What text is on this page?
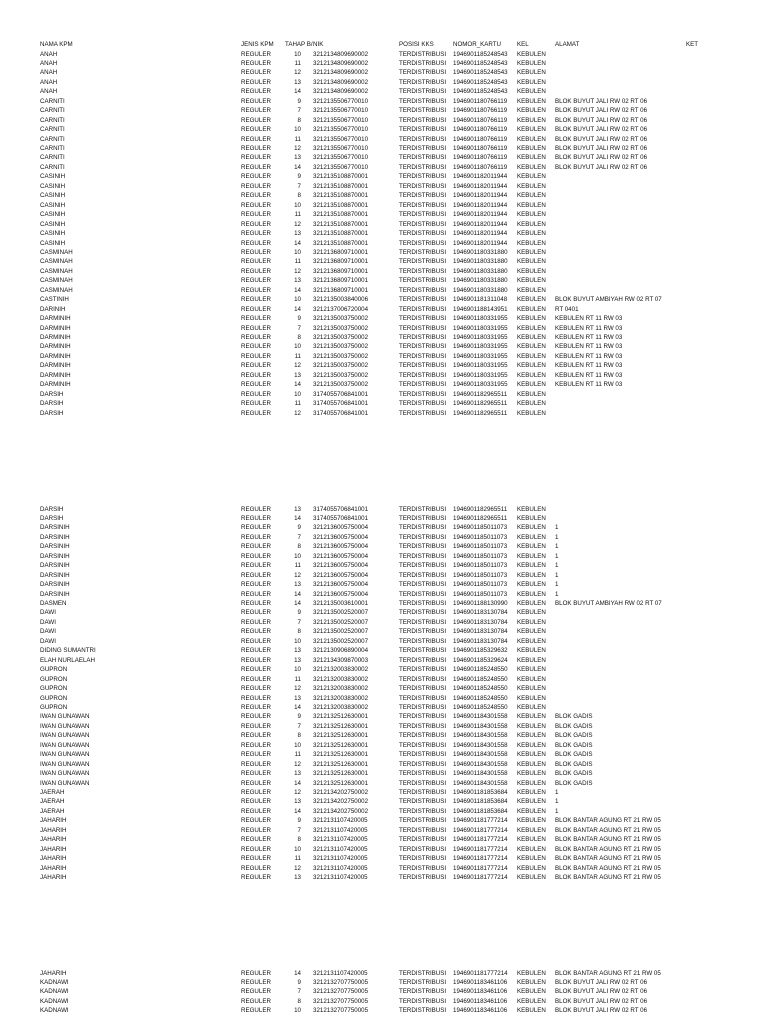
NAMA KPM	JENIS KPM TAHAP B/ NIK	POSISI KKS	NOMOR_KARTU	KEL	ALAMAT	KET
ANAH	REGULER	10 3212134809690002	TERDISTRIBUSI 1946901185248543 KEBULEN
ANAH	REGULER	11 3212134809690002	TERDISTRIBUSI 1946901185248543 KEBULEN
ANAH	REGULER	12 3212134809690002	TERDISTRIBUSI 1946901185248543 KEBULEN
ANAH	REGULER	13 3212134809690002	TERDISTRIBUSI 1946901185248543 KEBULEN
ANAH	REGULER	14 3212134809690002	TERDISTRIBUSI 1946901185248543 KEBULEN
CARNITI	REGULER	9 3212135506770010	TERDISTRIBUSI 1946901180766119 KEBULEN BLOK BUYUT JALI RW 02 RT 06
CARNITI	REGULER	7 3212135506770010	TERDISTRIBUSI 1946901180766119 KEBULEN BLOK BUYUT JALI RW 02 RT 06
CARNITI	REGULER	8 3212135506770010	TERDISTRIBUSI 1946901180766119 KEBULEN BLOK BUYUT JALI RW 02 RT 06
CARNITI	REGULER	10 3212135506770010	TERDISTRIBUSI 1946901180766119 KEBULEN BLOK BUYUT JALI RW 02 RT 06
CARNITI	REGULER	11 3212135506770010	TERDISTRIBUSI 1946901180766119 KEBULEN BLOK BUYUT JALI RW 02 RT 06
CARNITI	REGULER	12 3212135506770010	TERDISTRIBUSI 1946901180766119 KEBULEN BLOK BUYUT JALI RW 02 RT 06
CARNITI	REGULER	13 3212135506770010	TERDISTRIBUSI 1946901180766119 KEBULEN BLOK BUYUT JALI RW 02 RT 06
CARNITI	REGULER	14 3212135506770010	TERDISTRIBUSI 1946901180766119 KEBULEN BLOK BUYUT JALI RW 02 RT 06
CASINIH	REGULER	9 3212135108870001	TERDISTRIBUSI 1946901182011944 KEBULEN
CASINIH	REGULER	7 3212135108870001	TERDISTRIBUSI 1946901182011944 KEBULEN
CASINIH	REGULER	8 3212135108870001	TERDISTRIBUSI 1946901182011944 KEBULEN
CASINIH	REGULER	10 3212135108870001	TERDISTRIBUSI 1946901182011944 KEBULEN
CASINIH	REGULER	11 3212135108870001	TERDISTRIBUSI 1946901182011944 KEBULEN
CASINIH	REGULER	12 3212135108870001	TERDISTRIBUSI 1946901182011944 KEBULEN
CASINIH	REGULER	13 3212135108870001	TERDISTRIBUSI 1946901182011944 KEBULEN
CASINIH	REGULER	14 3212135108870001	TERDISTRIBUSI 1946901182011944 KEBULEN
CASMINAH	REGULER	10 3212136809710001	TERDISTRIBUSI 1946901180331880 KEBULEN
CASMINAH	REGULER	11 3212136809710001	TERDISTRIBUSI 1946901180331880 KEBULEN
CASMINAH	REGULER	12 3212136809710001	TERDISTRIBUSI 1946901180331880 KEBULEN
CASMINAH	REGULER	13 3212136809710001	TERDISTRIBUSI 1946901180331880 KEBULEN
CASMINAH	REGULER	14 3212136809710001	TERDISTRIBUSI 1946901180331880 KEBULEN
CASTINIH	REGULER	10 3212135003840006	TERDISTRIBUSI 1946901181311048 KEBULEN BLOK BUYUT AMBIYAH RW 02 RT 07
DARINIH	REGULER	14 3212137006720004	TERDISTRIBUSI 1946901188143951 KEBULEN RT 0401
DARMINIH	REGULER	9 3212135003750002	TERDISTRIBUSI 1946901180331955 KEBULEN KEBULEN RT 11 RW 03
DARMINIH	REGULER	7 3212135003750002	TERDISTRIBUSI 1946901180331955 KEBULEN KEBULEN RT 11 RW 03
DARMINIH	REGULER	8 3212135003750002	TERDISTRIBUSI 1946901180331955 KEBULEN KEBULEN RT 11 RW 03
DARMINIH	REGULER	10 3212135003750002	TERDISTRIBUSI 1946901180331955 KEBULEN KEBULEN RT 11 RW 03
DARMINIH	REGULER	11 3212135003750002	TERDISTRIBUSI 1946901180331955 KEBULEN KEBULEN RT 11 RW 03
DARMINIH	REGULER	12 3212135003750002	TERDISTRIBUSI 1946901180331955 KEBULEN KEBULEN RT 11 RW 03
DARMINIH	REGULER	13 3212135003750002	TERDISTRIBUSI 1946901180331955 KEBULEN KEBULEN RT 11 RW 03
DARMINIH	REGULER	14 3212135003750002	TERDISTRIBUSI 1946901180331955 KEBULEN KEBULEN RT 11 RW 03
DARSIH	REGULER	10 3174055706841001	TERDISTRIBUSI 1946901182965511 KEBULEN
DARSIH	REGULER	11 3174055706841001	TERDISTRIBUSI 1946901182965511 KEBULEN
DARSIH	REGULER	12 3174055706841001	TERDISTRIBUSI 1946901182965511 KEBULEN
DARSIH	REGULER	13 3174055706841001	TERDISTRIBUSI 1946901182965511 KEBULEN
DARSIH	REGULER	14 3174055706841001	TERDISTRIBUSI 1946901182965511 KEBULEN
DARSINIH	REGULER	9 3212136005750004	TERDISTRIBUSI 1946901185011073 KEBULEN 1
DARSINIH	REGULER	7 3212136005750004	TERDISTRIBUSI 1946901185011073 KEBULEN 1
DARSINIH	REGULER	8 3212136005750004	TERDISTRIBUSI 1946901185011073 KEBULEN 1
DARSINIH	REGULER	10 3212136005750004	TERDISTRIBUSI 1946901185011073 KEBULEN 1
DARSINIH	REGULER	11 3212136005750004	TERDISTRIBUSI 1946901185011073 KEBULEN 1
DARSINIH	REGULER	12 3212136005750004	TERDISTRIBUSI 1946901185011073 KEBULEN 1
DARSINIH	REGULER	13 3212136005750004	TERDISTRIBUSI 1946901185011073 KEBULEN 1
DARSINIH	REGULER	14 3212136005750004	TERDISTRIBUSI 1946901185011073 KEBULEN 1
DASMEN	REGULER	14 3212135003610001	TERDISTRIBUSI 1946901188130990 KEBULEN BLOK BUYUT AMBIYAH RW 02 RT 07
DAWI	REGULER	9 3212135002520007	TERDISTRIBUSI 1946901183130784 KEBULEN
DAWI	REGULER	7 3212135002520007	TERDISTRIBUSI 1946901183130784 KEBULEN
DAWI	REGULER	8 3212135002520007	TERDISTRIBUSI 1946901183130784 KEBULEN
DAWI	REGULER	10 3212135002520007	TERDISTRIBUSI 1946901183130784 KEBULEN
DIDING SUMANTRI	REGULER	13 3212130906890004	TERDISTRIBUSI 1946901185329632 KEBULEN
ELAH NURLAELAH	REGULER	13 3212134309870003	TERDISTRIBUSI 1946901185329624 KEBULEN
GUPRON	REGULER	10 3212132003830002	TERDISTRIBUSI 1946901185248550 KEBULEN
GUPRON	REGULER	11 3212132003830002	TERDISTRIBUSI 1946901185248550 KEBULEN
GUPRON	REGULER	12 3212132003830002	TERDISTRIBUSI 1946901185248550 KEBULEN
GUPRON	REGULER	13 3212132003830002	TERDISTRIBUSI 1946901185248550 KEBULEN
GUPRON	REGULER	14 3212132003830002	TERDISTRIBUSI 1946901185248550 KEBULEN
IWAN GUNAWAN	REGULER	9 3212132512630001	TERDISTRIBUSI 1946901184301558 KEBULEN BLOK GADIS
IWAN GUNAWAN	REGULER	7 3212132512630001	TERDISTRIBUSI 1946901184301558 KEBULEN BLOK GADIS
IWAN GUNAWAN	REGULER	8 3212132512630001	TERDISTRIBUSI 1946901184301558 KEBULEN BLOK GADIS
IWAN GUNAWAN	REGULER	10 3212132512630001	TERDISTRIBUSI 1946901184301558 KEBULEN BLOK GADIS
IWAN GUNAWAN	REGULER	11 3212132512630001	TERDISTRIBUSI 1946901184301558 KEBULEN BLOK GADIS
IWAN GUNAWAN	REGULER	12 3212132512630001	TERDISTRIBUSI 1946901184301558 KEBULEN BLOK GADIS
IWAN GUNAWAN	REGULER	13 3212132512630001	TERDISTRIBUSI 1946901184301558 KEBULEN BLOK GADIS
IWAN GUNAWAN	REGULER	14 3212132512630001	TERDISTRIBUSI 1946901184301558 KEBULEN BLOK GADIS
JAERAH	REGULER	12 3212134202750002	TERDISTRIBUSI 1946901181853684 KEBULEN 1
JAERAH	REGULER	13 3212134202750002	TERDISTRIBUSI 1946901181853684 KEBULEN 1
JAERAH	REGULER	14 3212134202750002	TERDISTRIBUSI 1946901181853684 KEBULEN 1
JAHARIH	REGULER	9 3212131107420005	TERDISTRIBUSI 1946901181777214 KEBULEN BLOK BANTAR AGUNG RT 21 RW 05
JAHARIH	REGULER	7 3212131107420005	TERDISTRIBUSI 1946901181777214 KEBULEN BLOK BANTAR AGUNG RT 21 RW 05
JAHARIH	REGULER	8 3212131107420005	TERDISTRIBUSI 1946901181777214 KEBULEN BLOK BANTAR AGUNG RT 21 RW 05
JAHARIH	REGULER	10 3212131107420005	TERDISTRIBUSI 1946901181777214 KEBULEN BLOK BANTAR AGUNG RT 21 RW 05
JAHARIH	REGULER	11 3212131107420005	TERDISTRIBUSI 1946901181777214 KEBULEN BLOK BANTAR AGUNG RT 21 RW 05
JAHARIH	REGULER	12 3212131107420005	TERDISTRIBUSI 1946901181777214 KEBULEN BLOK BANTAR AGUNG RT 21 RW 05
JAHARIH	REGULER	13 3212131107420005	TERDISTRIBUSI 1946901181777214 KEBULEN BLOK BANTAR AGUNG RT 21 RW 05
JAHARIH	REGULER	14 3212131107420005	TERDISTRIBUSI 1946901181777214 KEBULEN BLOK BANTAR AGUNG RT 21 RW 05
KADNAWI	REGULER	9 3212132707750005	TERDISTRIBUSI 1946901183461106 KEBULEN BLOK BUYUT JALI RW 02 RT 06
KADNAWI	REGULER	7 3212132707750005	TERDISTRIBUSI 1946901183461106 KEBULEN BLOK BUYUT JALI RW 02 RT 06
KADNAWI	REGULER	8 3212132707750005	TERDISTRIBUSI 1946901183461106 KEBULEN BLOK BUYUT JALI RW 02 RT 06
KADNAWI	REGULER	10 3212132707750005	TERDISTRIBUSI 1946901183461106 KEBULEN BLOK BUYUT JALI RW 02 RT 06
